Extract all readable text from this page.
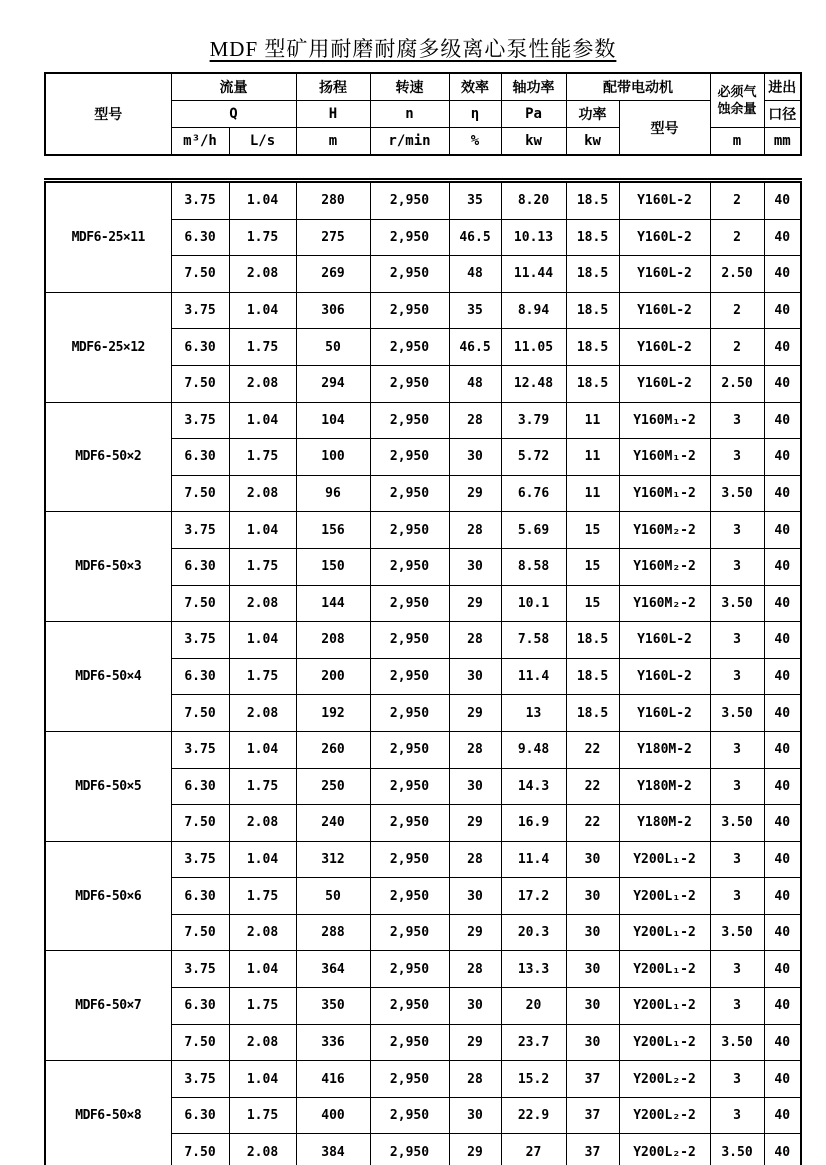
MDF 型矿用耐磨耐腐多级离心泵性能参数
型号	流量		扬程	转速	效率	轴功率	配带电动机		必须气
蚀余量	进出
	Q		H	n	η	Pa	功率	型号		口径
	m³/h	L/s	m	r/min	%	kw	kw		m	mm
MDF6-25×11	3.75	1.04	280	2,950	35	8.20	18.5	Y160L-2	2	40
	6.30	1.75	275	2,950	46.5	10.13	18.5	Y160L-2	2	40
	7.50	2.08	269	2,950	48	11.44	18.5	Y160L-2	2.50	40
MDF6-25×12	3.75	1.04	306	2,950	35	8.94	18.5	Y160L-2	2	40
	6.30	1.75	50	2,950	46.5	11.05	18.5	Y160L-2	2	40
	7.50	2.08	294	2,950	48	12.48	18.5	Y160L-2	2.50	40
MDF6-50×2	3.75	1.04	104	2,950	28	3.79	11	Y160M₁-2	3	40
	6.30	1.75	100	2,950	30	5.72	11	Y160M₁-2	3	40
	7.50	2.08	96	2,950	29	6.76	11	Y160M₁-2	3.50	40
MDF6-50×3	3.75	1.04	156	2,950	28	5.69	15	Y160M₂-2	3	40
	6.30	1.75	150	2,950	30	8.58	15	Y160M₂-2	3	40
	7.50	2.08	144	2,950	29	10.1	15	Y160M₂-2	3.50	40
MDF6-50×4	3.75	1.04	208	2,950	28	7.58	18.5	Y160L-2	3	40
	6.30	1.75	200	2,950	30	11.4	18.5	Y160L-2	3	40
	7.50	2.08	192	2,950	29	13	18.5	Y160L-2	3.50	40
MDF6-50×5	3.75	1.04	260	2,950	28	9.48	22	Y180M-2	3	40
	6.30	1.75	250	2,950	30	14.3	22	Y180M-2	3	40
	7.50	2.08	240	2,950	29	16.9	22	Y180M-2	3.50	40
MDF6-50×6	3.75	1.04	312	2,950	28	11.4	30	Y200L₁-2	3	40
	6.30	1.75	50	2,950	30	17.2	30	Y200L₁-2	3	40
	7.50	2.08	288	2,950	29	20.3	30	Y200L₁-2	3.50	40
MDF6-50×7	3.75	1.04	364	2,950	28	13.3	30	Y200L₁-2	3	40
	6.30	1.75	350	2,950	30	20	30	Y200L₁-2	3	40
	7.50	2.08	336	2,950	29	23.7	30	Y200L₁-2	3.50	40
MDF6-50×8	3.75	1.04	416	2,950	28	15.2	37	Y200L₂-2	3	40
	6.30	1.75	400	2,950	30	22.9	37	Y200L₂-2	3	40
	7.50	2.08	384	2,950	29	27	37	Y200L₂-2	3.50	40
